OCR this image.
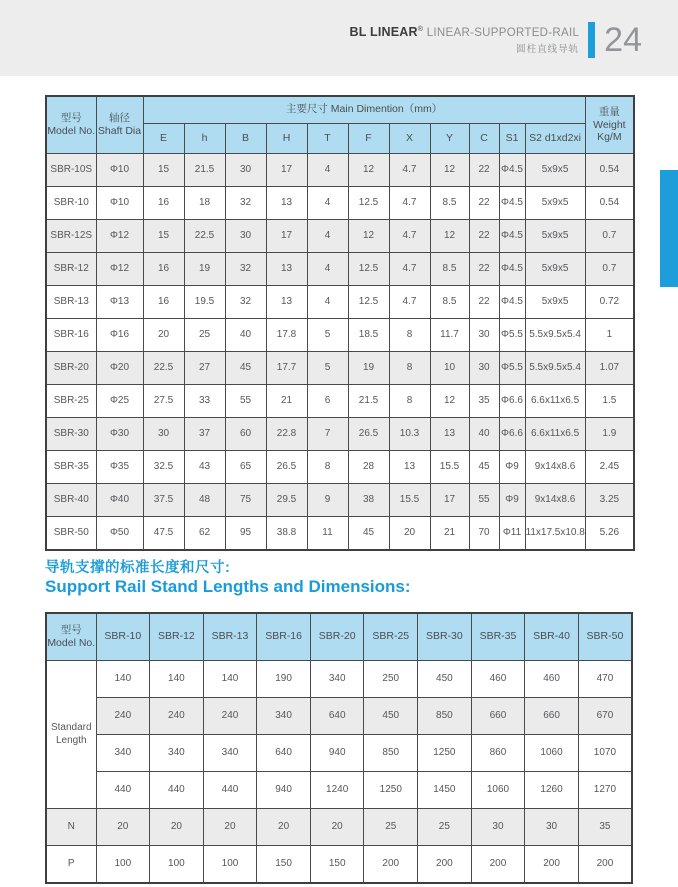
BL LINEAR® LINEAR-SUPPORTED-RAIL
圆柱直线导轨 24
型号
Model No.

轴径
Shaft Dia
	主要尺寸 Main Dimention（mm）	重量
Weight
Kg/M

		E	h	B	H	T	F	X	Y	C	S1	S2 d1xd2xi	
SBR-10S	Φ10	15	21.5	30	17	4	12	4.7	12	22	Φ4.5	5x9x5	0.54
SBR-10	Φ10	16	18	32	13	4	12.5	4.7	8.5	22	Φ4.5	5x9x5	0.54
SBR-12S	Φ12	15	22.5	30	17	4	12	4.7	12	22	Φ4.5	5x9x5	0.7
SBR-12	Φ12	16	19	32	13	4	12.5	4.7	8.5	22	Φ4.5	5x9x5	0.7
SBR-13	Φ13	16	19.5	32	13	4	12.5	4.7	8.5	22	Φ4.5	5x9x5	0.72
SBR-16	Φ16	20	25	40	17.8	5	18.5	8	11.7	30	Φ5.5	5.5x9.5x5.4	1
SBR-20	Φ20	22.5	27	45	17.7	5	19	8	10	30	Φ5.5	5.5x9.5x5.4	1.07
SBR-25	Φ25	27.5	33	55	21	6	21.5	8	12	35	Φ6.6	6.6x11x6.5	1.5
SBR-30	Φ30	30	37	60	22.8	7	26.5	10.3	13	40	Φ6.6	6.6x11x6.5	1.9
SBR-35	Φ35	32.5	43	65	26.5	8	28	13	15.5	45	Φ9	9x14x8.6	2.45
SBR-40	Φ40	37.5	48	75	29.5	9	38	15.5	17	55	Φ9	9x14x8.6	3.25
SBR-50	Φ50	47.5	62	95	38.8	11	45	20	21	70	Φ11	11x17.5x10.8	5.26
导轨支撑的标准长度和尺寸:
Support Rail Stand Lengths and Dimensions:
型号
Model No.	SBR-10	SBR-12	SBR-13	SBR-16	SBR-20	SBR-25	SBR-30	SBR-35	SBR-40	SBR-50
Standard Length	140	140	140	190	340	250	450	460	460	470
	240	240	240	340	640	450	850	660	660	670
	340	340	340	640	940	850	1250	860	1060	1070
	440	440	440	940	1240	1250	1450	1060	1260	1270
N	20	20	20	20	20	25	25	30	30	35
P	100	100	100	150	150	200	200	200	200	200
